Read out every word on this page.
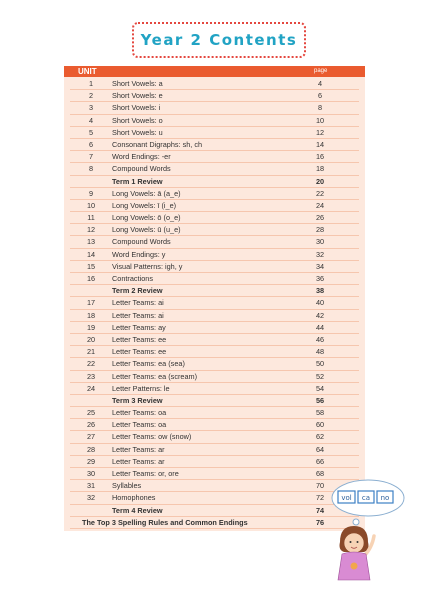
Year 2 Contents
UNIT	page
1	Short Vowels: a	4
2	Short Vowels: e	6
3	Short Vowels: i	8
4	Short Vowels: o	10
5	Short Vowels: u	12
6	Consonant Digraphs: sh, ch	14
7	Word Endings: -er	16
8	Compound Words	18
Term 1 Review	20
9	Long Vowels: ā (a_e)	22
10	Long Vowels: ī (i_e)	24
11	Long Vowels: ō (o_e)	26
12	Long Vowels: ū (u_e)	28
13	Compound Words	30
14	Word Endings: y	32
15	Visual Patterns: igh, y	34
16	Contractions	36
Term 2 Review	38
17	Letter Teams: ai	40
18	Letter Teams: ai	42
19	Letter Teams: ay	44
20	Letter Teams: ee	46
21	Letter Teams: ee	48
22	Letter Teams: ea (sea)	50
23	Letter Teams: ea (scream)	52
24	Letter Patterns: le	54
Term 3 Review	56
25	Letter Teams: oa	58
26	Letter Teams: oa	60
27	Letter Teams: ow (snow)	62
28	Letter Teams: ar	64
29	Letter Teams: ar	66
30	Letter Teams: or, ore	68
31	Syllables	70
32	Homophones	72
Term 4 Review	74
The Top 3 Spelling Rules and Common Endings	76
vol ca no
